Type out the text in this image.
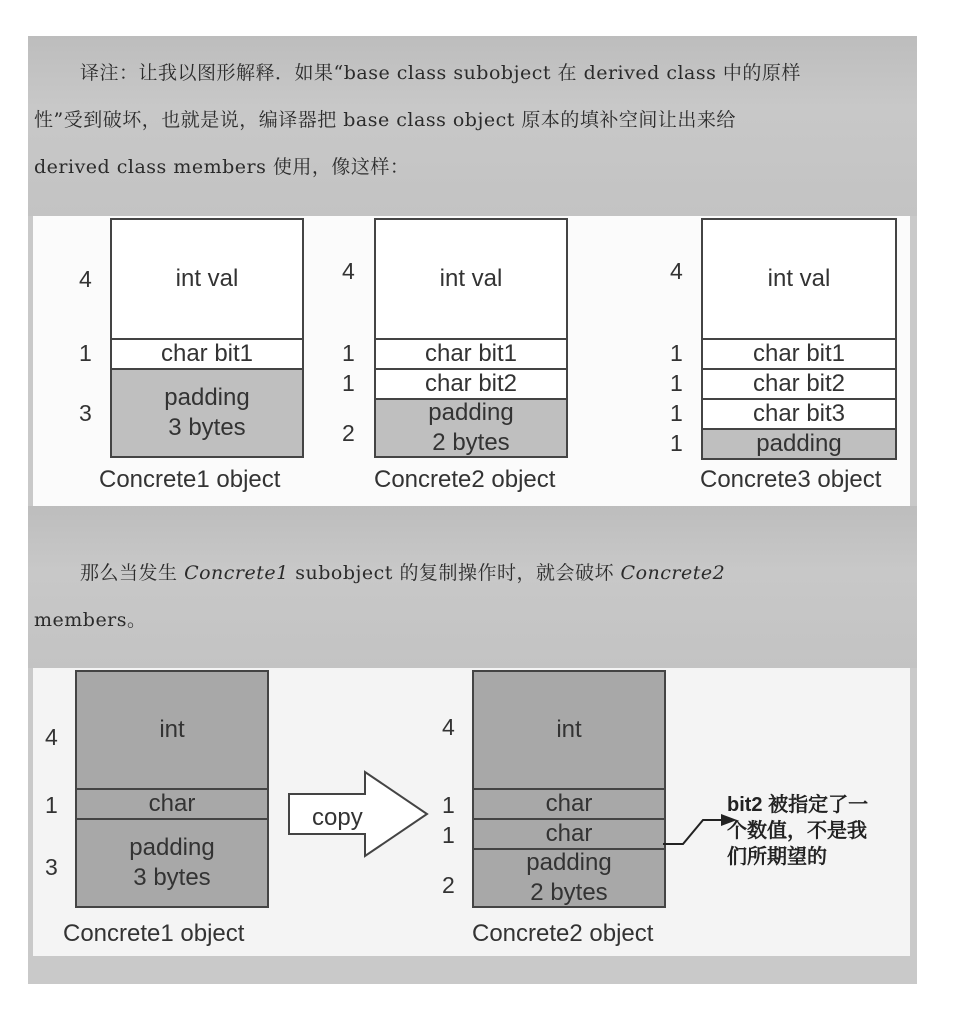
译注：让我以图形解释．如果“base class subobject 在 derived class 中的原样
性”受到破坏，也就是说，编译器把 base class object 原本的填补空间让出来给
derived class members 使用，像这样：

int val
char bit1
padding
3 bytes
4
1
3
Concrete1 object
int val
char bit1
char bit2
padding
2 bytes
4
1
1
2
Concrete2 object
int val
char bit1
char bit2
char bit3
padding
4
1
1
1
1
Concrete3 object

那么当发生 Concrete1 subobject 的复制操作时，就会破坏 Concrete2
members。

int
char
padding
3 bytes
4
1
3
Concrete1 object
copy
int
char
char
padding
2 bytes
4
1
1
2
Concrete2 object
bit2 被指定了一
个数值，不是我
们所期望的
